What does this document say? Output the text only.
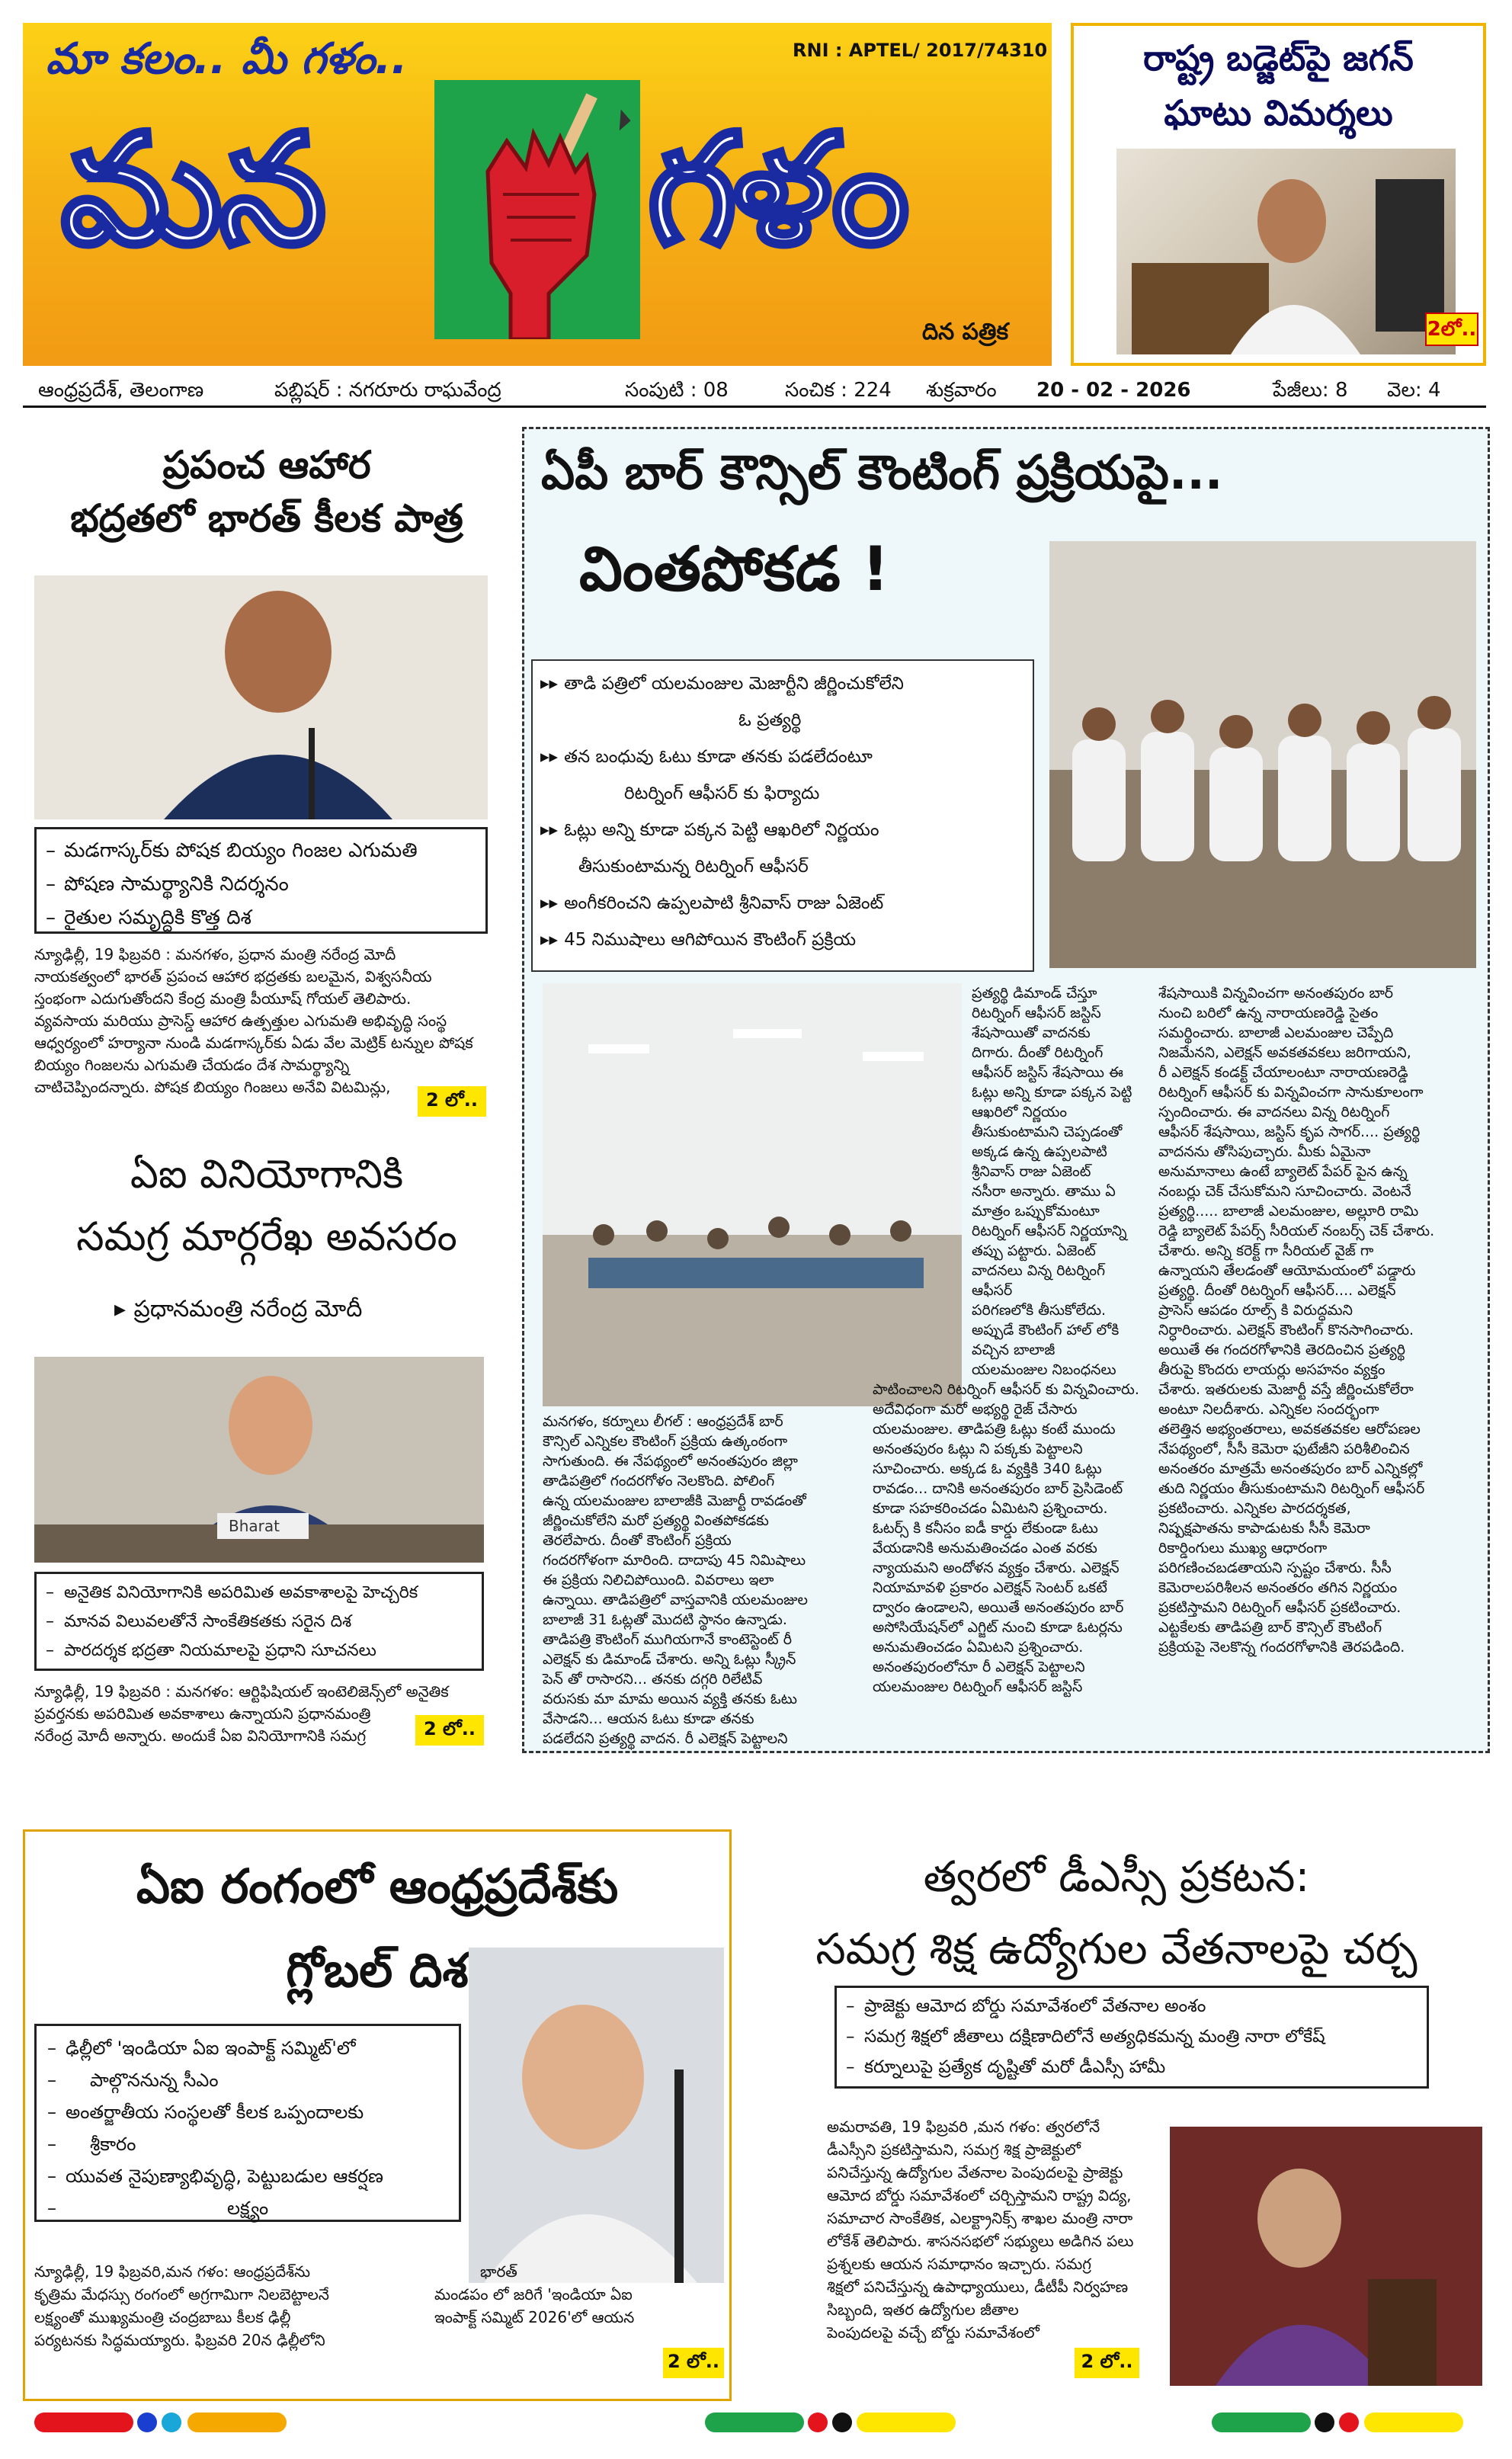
మా కలం.. మీ గళం..	RNI : APTEL/ 2017/74310
మన గళం
దిన పత్రిక
రాష్ట్ర బడ్జెట్‌పై జగన్
ఘాటు విమర్శలు
2లో..
ఆంధ్రప్రదేశ్, తెలంగాణ	పబ్లిషర్ : నగరూరు రాఘవేంద్ర	సంపుటి : 08	సంచిక : 224 శుక్రవారం 20 - 02 - 2026	పేజీలు: 8 వెల: 4
ప్రపంచ ఆహార
భద్రతలో భారత్ కీలక పాత్ర
– మడగాస్కర్‌కు పోషక బియ్యం గింజల ఎగుమతి
– పోషణ సామర్థ్యానికి నిదర్శనం
– రైతుల సమృద్ధికి కొత్త దిశ
న్యూఢిల్లీ, 19 ఫిబ్రవరి : మనగళం, ప్రధాన మంత్రి నరేంద్ర మోదీ
నాయకత్వంలో భారత్ ప్రపంచ ఆహార భద్రతకు బలమైన, విశ్వసనీయ
స్తంభంగా ఎదుగుతోందని కేంద్ర మంత్రి పీయూష్ గోయల్ తెలిపారు.
వ్యవసాయ మరియు ప్రాసెస్డ్ ఆహార ఉత్పత్తుల ఎగుమతి అభివృద్ధి సంస్థ
ఆధ్వర్యంలో హర్యానా నుండి మడగాస్కర్‌కు ఏడు వేల మెట్రిక్ టన్నుల పోషక
బియ్యం గింజలను ఎగుమతి చేయడం దేశ సామర్థ్యాన్ని
చాటిచెప్పిందన్నారు. పోషక బియ్యం గింజలు అనేవి విటమిన్లు,
2 లో..
ఏఐ వినియోగానికి
సమగ్ర మార్గరేఖ అవసరం
▸ ప్రధానమంత్రి నరేంద్ర మోదీ
Bharat
– అనైతిక వినియోగానికి అపరిమిత అవకాశాలపై హెచ్చరిక
– మానవ విలువలతోనే సాంకేతికతకు సరైన దిశ
– పారదర్శక భద్రతా నియమాలపై ప్రధాని సూచనలు
న్యూఢిల్లీ, 19 ఫిబ్రవరి : మనగళం: ఆర్టిఫిషియల్ ఇంటెలిజెన్స్‌లో అనైతిక
ప్రవర్తనకు అపరిమిత అవకాశాలు ఉన్నాయని ప్రధానమంత్రి
నరేంద్ర మోదీ అన్నారు. అందుకే ఏఐ వినియోగానికి సమగ్ర	2 లో..
ఏపీ బార్ కౌన్సిల్ కౌంటింగ్ ప్రక్రియపై...
వింతపోకడ !
▸▸ తాడి పత్రిలో యలమంజుల మెజార్టీని జీర్ణించుకోలేని
ఓ ప్రత్యర్థి
▸▸ తన బంధువు ఓటు కూడా తనకు పడలేదంటూ
రిటర్నింగ్ ఆఫీసర్ కు ఫిర్యాదు
▸▸ ఓట్లు అన్ని కూడా పక్కన పెట్టి ఆఖరిలో నిర్ణయం
తీసుకుంటామన్న రిటర్నింగ్ ఆఫీసర్
▸▸ అంగీకరించని ఉప్పలపాటి శ్రీనివాస్ రాజు ఏజెంట్
▸▸ 45 నిముషాలు ఆగిపోయిన కౌంటింగ్ ప్రక్రియ
మనగళం, కర్నూలు లీగల్ : ఆంధ్రప్రదేశ్ బార్
కౌన్సిల్ ఎన్నికల కౌంటింగ్ ప్రక్రియ ఉత్కంఠంగా
సాగుతుంది. ఈ నేపథ్యంలో అనంతపురం జిల్లా
తాడిపత్రిలో గందరగోళం నెలకొంది. పోలింగ్
ఉన్న యలమంజుల బాలాజీకి మెజార్టీ రావడంతో
జీర్ణించుకోలేని మరో ప్రత్యర్థి వింతపోకడకు
తెరలేపారు. దీంతో కౌంటింగ్ ప్రక్రియ
గందరగోళంగా మారింది. దాదాపు 45 నిమిషాలు
ఈ ప్రక్రియ నిలిచిపోయింది. వివరాలు ఇలా
ఉన్నాయి. తాడిపత్రిలో వాస్తవానికి యలమంజుల
బాలాజీ 31 ఓట్లతో మొదటి స్థానం ఉన్నాడు.
తాడిపత్రి కౌంటింగ్ ముగియగానే కాంటెస్టెంట్ రీ
ఎలెక్షన్ కు డిమాండ్ చేశారు. అన్ని ఓట్లు స్క్రీన్
పెన్ తో రాసారని... తనకు దగ్గరి రిలేటివ్
వరుసకు మా మామ అయిన వ్యక్తి తనకు ఓటు
వేసాడని... ఆయన ఓటు కూడా తనకు
పడలేదని ప్రత్యర్థి వాదన. రీ ఎలెక్షన్ పెట్టాలని
ప్రత్యర్థి డిమాండ్ చేస్తూ
రిటర్నింగ్ ఆఫీసర్ జస్టిస్
శేషసాయితో వాదనకు
దిగారు. దీంతో రిటర్నింగ్
ఆఫీసర్ జస్టిస్ శేషసాయి ఈ
ఓట్లు అన్ని కూడా పక్కన పెట్టి
ఆఖరిలో నిర్ణయం
తీసుకుంటామని చెప్పడంతో
అక్కడ ఉన్న ఉప్పలపాటి
శ్రీనివాస్ రాజు ఏజెంట్
నసీరా అన్నారు. తాము ఏ
మాత్రం ఒప్పుకోమంటూ
రిటర్నింగ్ ఆఫీసర్ నిర్ణయాన్ని
తప్పు పట్టారు. ఏజెంట్
వాదనలు విన్న రిటర్నింగ్ ఆఫీసర్
పరిగణలోకి తీసుకోలేదు.
అప్పుడే కౌంటింగ్ హాల్ లోకి
వచ్చిన బాలాజీ
యలమంజుల నిబంధనలు
పాటించాలని రిటర్నింగ్ ఆఫీసర్ కు విన్నవించారు.
అదేవిధంగా మరో అభ్యర్థి రైజ్ చేసారు
యలమంజుల. తాడిపత్రి ఓట్లు కంటే ముందు
అనంతపురం ఓట్లు ని పక్కకు పెట్టాలని
సూచించారు. అక్కడ ఓ వ్యక్తికి 340 ఓట్లు
రావడం... దానికి అనంతపురం బార్ ప్రెసిడెంట్
కూడా సహకరించడం ఏమిటని ప్రశ్నించారు.
ఓటర్స్ కి కనీసం ఐడీ కార్డు లేకుండా ఓటు
వేయడానికి అనుమతించడం ఎంత వరకు
న్యాయమని అందోళన వ్యక్తం చేశారు. ఎలెక్షన్
నియామావళి ప్రకారం ఎలెక్షన్ సెంటర్ ఒకటే
ద్వారం ఉండాలని, అయితే అనంతపురం బార్
అసోసియేషన్‌లో ఎగ్జిట్ నుంచి కూడా ఓటర్లను
అనుమతించడం ఏమిటని ప్రశ్నించారు.
అనంతపురంలోనూ రీ ఎలెక్షన్ పెట్టాలని
యలమంజుల రిటర్నింగ్ ఆఫీసర్ జస్టిస్
శేషసాయికి విన్నవించగా అనంతపురం బార్
నుంచి బరిలో ఉన్న నారాయణరెడ్డి సైతం
సమర్థించారు. బాలాజీ ఎలమంజుల చెప్పేది
నిజమేనని, ఎలెక్షన్ అవకతవకలు జరిగాయని,
రీ ఎలెక్షన్ కండక్ట్ చేయాలంటూ నారాయణరెడ్డి
రిటర్నింగ్ ఆఫీసర్ కు విన్నవించగా సానుకూలంగా
స్పందించారు. ఈ వాదనలు విన్న రిటర్నింగ్
ఆఫీసర్ శేషసాయి, జస్టిస్ కృప సాగర్.... ప్రత్యర్థి
వాదనను తోసిపుచ్చారు. మీకు ఏమైనా
అనుమానాలు ఉంటే బ్యాలెట్ పేపర్ పైన ఉన్న
నంబర్లు చెక్ చేసుకోమని సూచించారు. వెంటనే
ప్రత్యర్థి..... బాలాజీ ఎలమంజుల, అల్లూరి రామి
రెడ్డి బ్యాలెట్ పేపర్స్ సీరియల్ నంబర్స్ చెక్ చేశారు.
చేశారు. అన్ని కరెక్ట్ గా సీరియల్ వైజ్ గా
ఉన్నాయని తేలడంతో ఆయోమయంలో పడ్డారు
ప్రత్యర్థి. దీంతో రిటర్నింగ్ ఆఫీసర్.... ఎలెక్షన్
ప్రాసెస్ ఆపడం రూల్స్ కి విరుద్ధమని
నిర్ధారించారు. ఎలెక్షన్ కౌంటింగ్ కొనసాగించారు.
అయితే ఈ గందరగోళానికి తెరదించిన ప్రత్యర్థి
తీరుపై కొందరు లాయర్లు అసహనం వ్యక్తం
చేశారు. ఇతరులకు మెజార్టీ వస్తే జీర్ణించుకోలేరా
అంటూ నిలదీశారు. ఎన్నికల సందర్భంగా
తలెత్తిన అభ్యంతరాలు, అవకతవకల ఆరోపణల
నేపథ్యంలో, సీసీ కెమెరా ఫుటేజీని పరిశీలించిన
అనంతరం మాత్రమే అనంతపురం బార్ ఎన్నికల్లో
తుది నిర్ణయం తీసుకుంటామని రిటర్నింగ్ ఆఫీసర్
ప్రకటించారు. ఎన్నికల పారదర్శకత,
నిష్పక్షపాతను కాపాడుటకు సీసీ కెమెరా
రికార్డింగులు ముఖ్య ఆధారంగా
పరిగణించబడతాయని స్పష్టం చేశారు. సీసీ
కెమెరాలపరిశీలన అనంతరం తగిన నిర్ణయం
ప్రకటిస్తామని రిటర్నింగ్ ఆఫీసర్ ప్రకటించారు.
ఎట్టకేలకు తాడిపత్రి బార్ కౌన్సిల్ కౌంటింగ్
ప్రక్రియపై నెలకొన్న గందరగోళానికి తెరపడింది.
ఏఐ రంగంలో ఆంధ్రప్రదేశ్‌కు
గ్లోబల్ దిశ
– ఢిల్లీలో 'ఇండియా ఏఐ ఇంపాక్ట్ సమ్మిట్'లో
– పాల్గొననున్న సీఎం
– అంతర్జాతీయ సంస్థలతో కీలక ఒప్పందాలకు
– శ్రీకారం
– యువత నైపుణ్యాభివృద్ధి, పెట్టుబడుల ఆకర్షణ
– లక్ష్యం
న్యూఢిల్లీ, 19 ఫిబ్రవరి,మన గళం: ఆంధ్రప్రదేశ్‌ను
కృత్రిమ మేధస్సు రంగంలో అగ్రగామిగా నిలబెట్టాలనే
లక్ష్యంతో ముఖ్యమంత్రి చంద్రబాబు కీలక ఢిల్లీ
పర్యటనకు సిద్ధమయ్యారు. ఫిబ్రవరి 20న ఢిల్లీలోని
భారత్
మండపం లో జరిగే 'ఇండియా ఏఐ
ఇంపాక్ట్ సమ్మిట్ 2026'లో ఆయన
2 లో..
త్వరలో డీఎస్సీ ప్రకటన:
సమగ్ర శిక్ష ఉద్యోగుల వేతనాలపై చర్చ
– ప్రాజెక్టు ఆమోద బోర్డు సమావేశంలో వేతనాల అంశం
– సమగ్ర శిక్షలో జీతాలు దక్షిణాదిలోనే అత్యధికమన్న మంత్రి నారా లోకేష్
– కర్నూలుపై ప్రత్యేక దృష్టితో మరో డీఎస్సీ హామీ
అమరావతి, 19 ఫిబ్రవరి ,మన గళం: త్వరలోనే
డీఎస్సీని ప్రకటిస్తామని, సమగ్ర శిక్ష ప్రాజెక్టులో
పనిచేస్తున్న ఉద్యోగుల వేతనాల పెంపుదలపై ప్రాజెక్టు
ఆమోద బోర్డు సమావేశంలో చర్చిస్తామని రాష్ట్ర విద్య,
సమాచార సాంకేతిక, ఎలక్ట్రానిక్స్ శాఖల మంత్రి నారా
లోకేశ్ తెలిపారు. శాసనసభలో సభ్యులు అడిగిన పలు
ప్రశ్నలకు ఆయన సమాధానం ఇచ్చారు. సమగ్ర
శిక్షలో పనిచేస్తున్న ఉపాధ్యాయులు, డీటీపీ నిర్వహణ
సిబ్బంది, ఇతర ఉద్యోగుల జీతాల
పెంపుదలపై వచ్చే బోర్డు సమావేశంలో
2 లో..
